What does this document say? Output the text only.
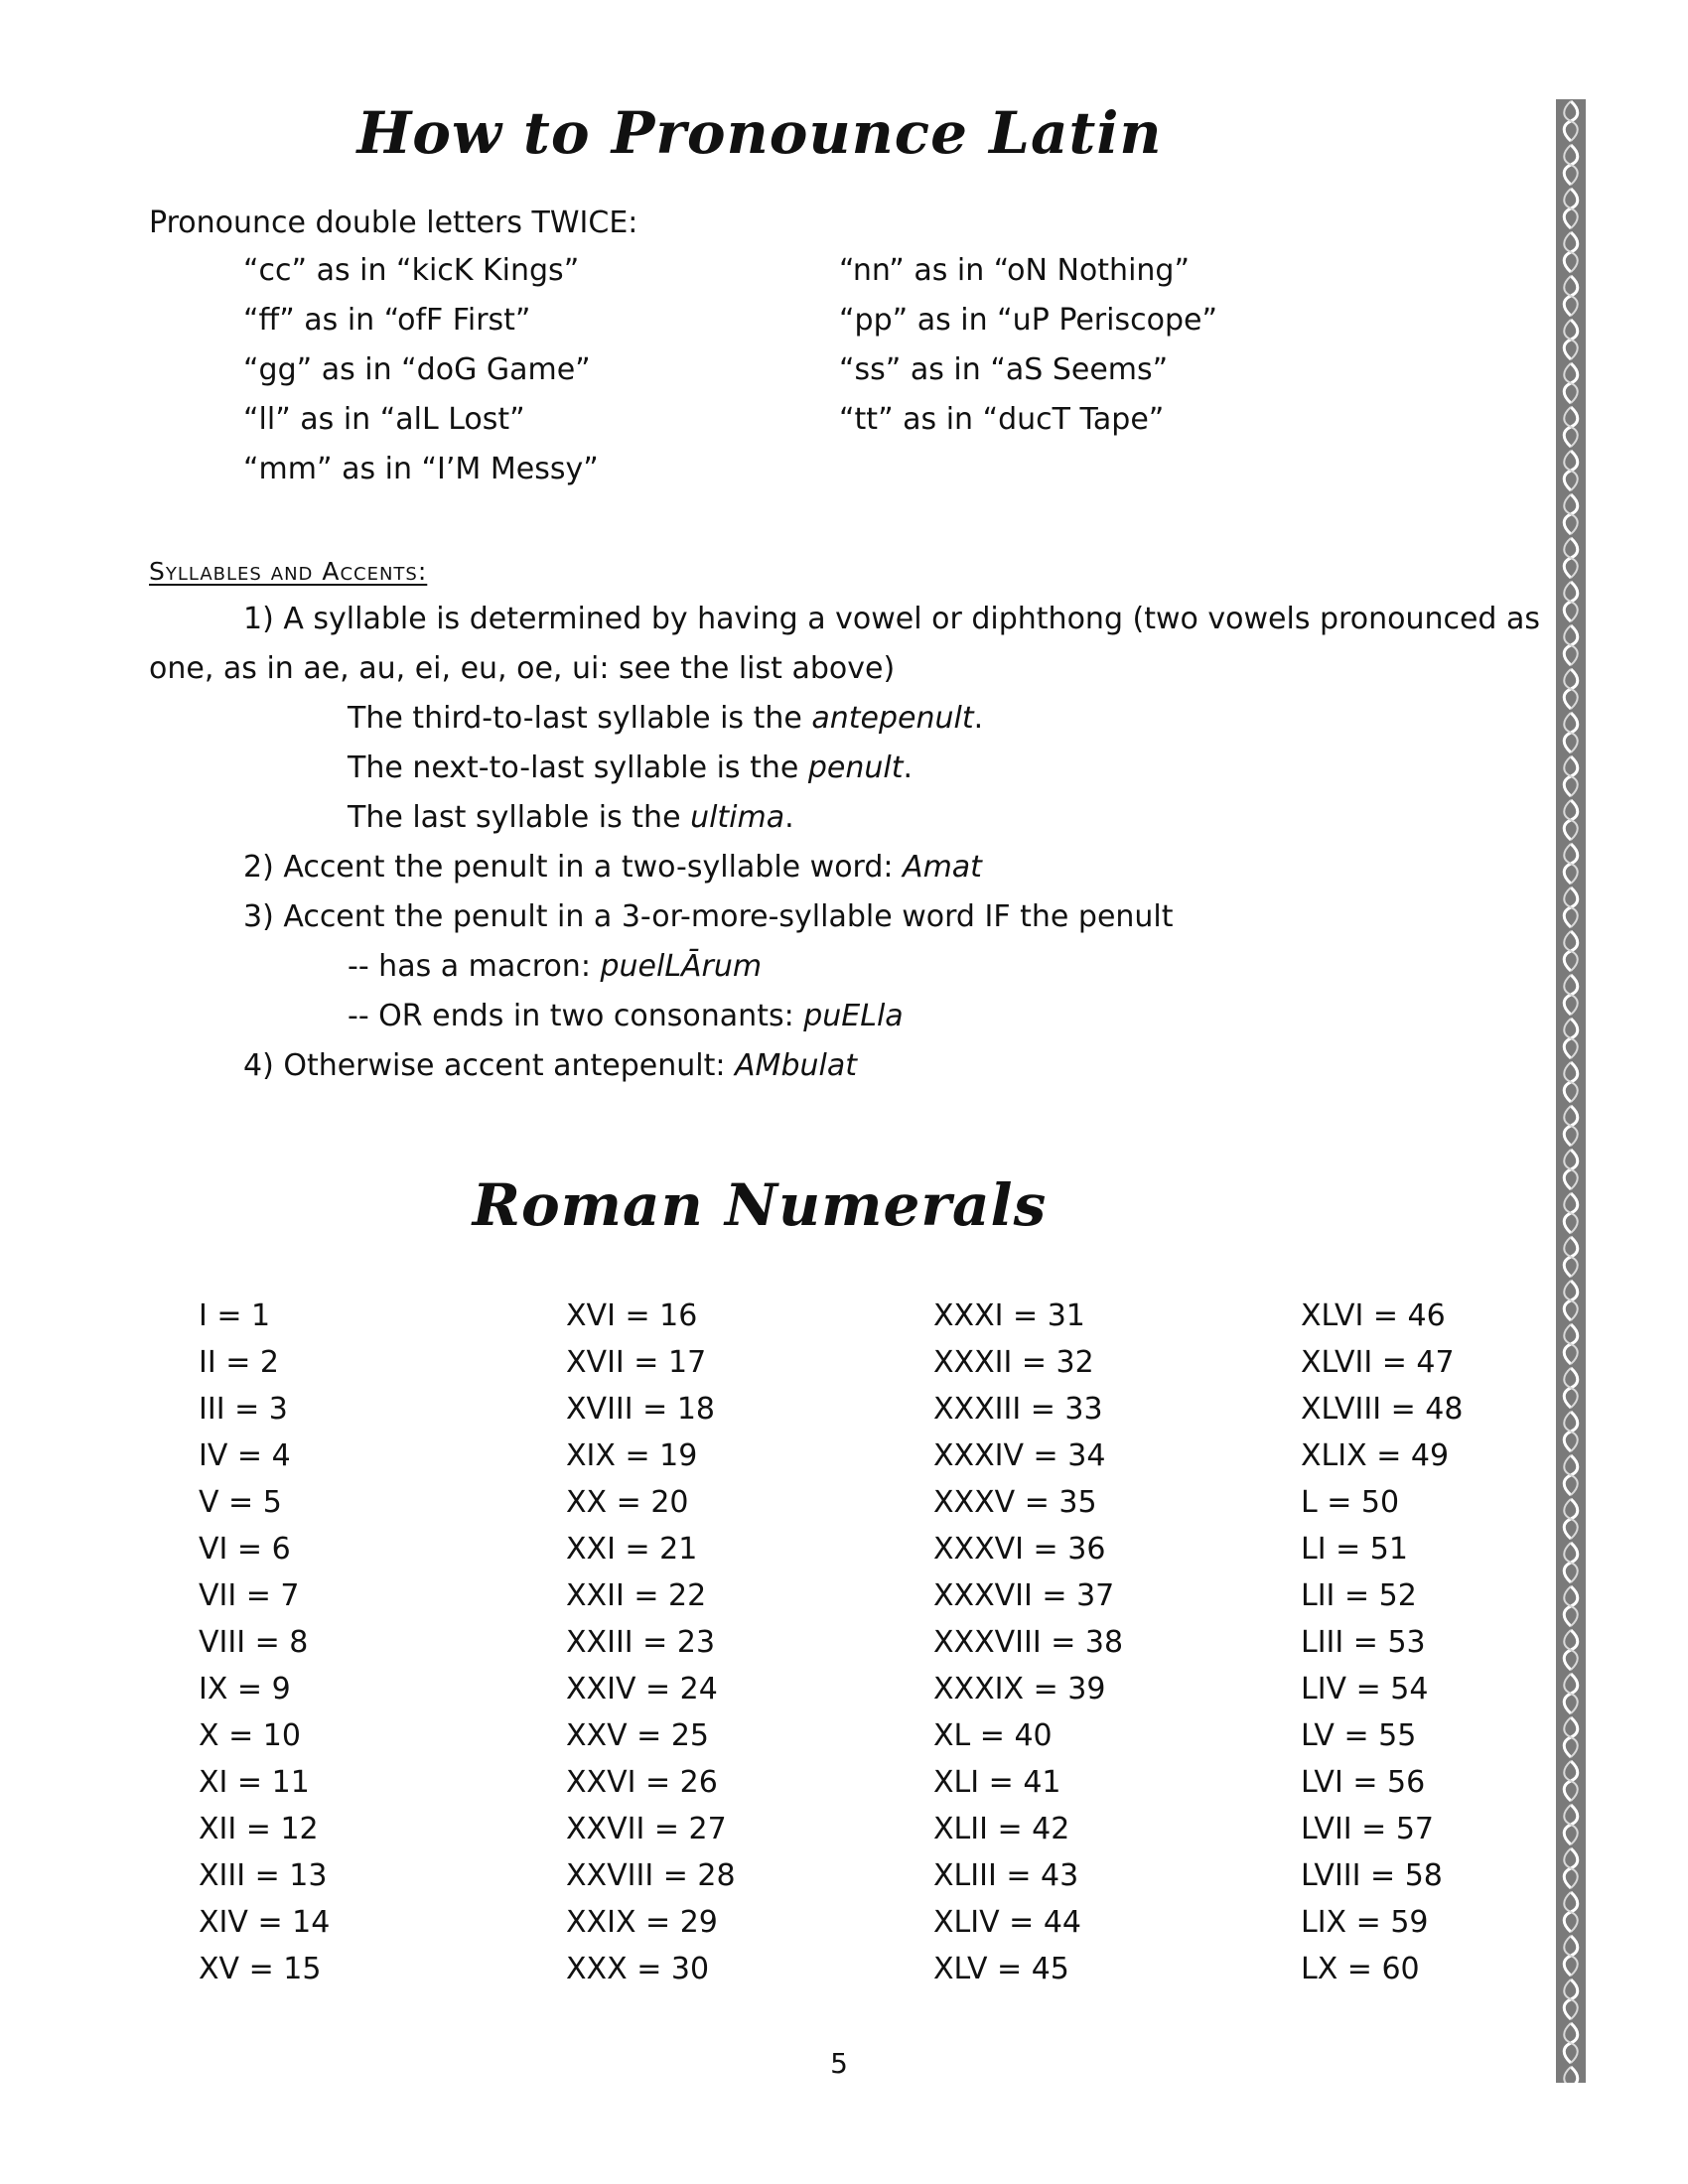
How to Pronounce Latin
Pronounce double letters TWICE:
“cc” as in “kicK Kings”
“ff” as in “ofF First”
“gg” as in “doG Game”
“ll” as in “alL Lost”
“mm” as in “I’M Messy”
“nn” as in “oN Nothing”
“pp” as in “uP Periscope”
“ss” as in “aS Seems”
“tt” as in “ducT Tape”
Syllables and Accents:
1) A syllable is determined by having a vowel or diphthong (two vowels pronounced as
one, as in ae, au, ei, eu, oe, ui: see the list above)
The third-to-last syllable is the antepenult.
The next-to-last syllable is the penult.
The last syllable is the ultima.
2) Accent the penult in a two-syllable word: Amat
3) Accent the penult in a 3-or-more-syllable word IF the penult
-- has a macron: puelLĀrum
-- OR ends in two consonants: puELla
4) Otherwise accent antepenult: AMbulat
Roman Numerals
I = 1
II = 2
III = 3
IV = 4
V = 5
VI = 6
VII = 7
VIII = 8
IX = 9
X = 10
XI = 11
XII = 12
XIII = 13
XIV = 14
XV = 15
XVI = 16
XVII = 17
XVIII = 18
XIX = 19
XX = 20
XXI = 21
XXII = 22
XXIII = 23
XXIV = 24
XXV = 25
XXVI = 26
XXVII = 27
XXVIII = 28
XXIX = 29
XXX = 30
XXXI = 31
XXXII = 32
XXXIII = 33
XXXIV = 34
XXXV = 35
XXXVI = 36
XXXVII = 37
XXXVIII = 38
XXXIX = 39
XL = 40
XLI = 41
XLII = 42
XLIII = 43
XLIV = 44
XLV = 45
XLVI = 46
XLVII = 47
XLVIII = 48
XLIX = 49
L = 50
LI = 51
LII = 52
LIII = 53
LIV = 54
LV = 55
LVI = 56
LVII = 57
LVIII = 58
LIX = 59
LX = 60
5
